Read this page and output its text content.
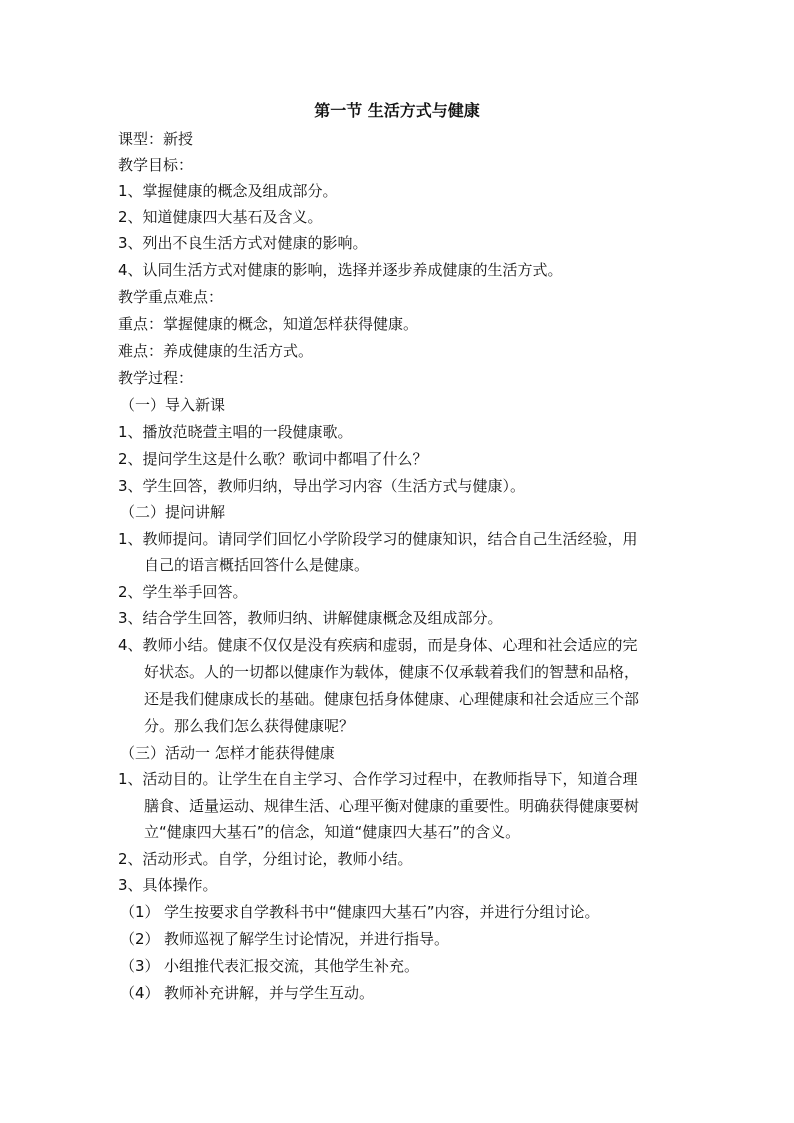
第一节 生活方式与健康
课型：新授
教学目标：
1、掌握健康的概念及组成部分。
2、知道健康四大基石及含义。
3、列出不良生活方式对健康的影响。
4、认同生活方式对健康的影响，选择并逐步养成健康的生活方式。
教学重点难点：
重点：掌握健康的概念，知道怎样获得健康。
难点：养成健康的生活方式。
教学过程：
（一）导入新课
1、播放范晓萱主唱的一段健康歌。
2、提问学生这是什么歌？歌词中都唱了什么？
3、学生回答，教师归纳，导出学习内容（生活方式与健康）。
（二）提问讲解
1、教师提问。请同学们回忆小学阶段学习的健康知识，结合自己生活经验，用
自己的语言概括回答什么是健康。
2、学生举手回答。
3、结合学生回答，教师归纳、讲解健康概念及组成部分。
4、教师小结。健康不仅仅是没有疾病和虚弱，而是身体、心理和社会适应的完
好状态。人的一切都以健康作为载体，健康不仅承载着我们的智慧和品格，
还是我们健康成长的基础。健康包括身体健康、心理健康和社会适应三个部
分。那么我们怎么获得健康呢？
（三）活动一 怎样才能获得健康
1、活动目的。让学生在自主学习、合作学习过程中，在教师指导下，知道合理
膳食、适量运动、规律生活、心理平衡对健康的重要性。明确获得健康要树
立“健康四大基石”的信念，知道“健康四大基石”的含义。
2、活动形式。自学，分组讨论，教师小结。
3、具体操作。
（1） 学生按要求自学教科书中“健康四大基石”内容，并进行分组讨论。
（2） 教师巡视了解学生讨论情况，并进行指导。
（3） 小组推代表汇报交流，其他学生补充。
（4） 教师补充讲解，并与学生互动。
